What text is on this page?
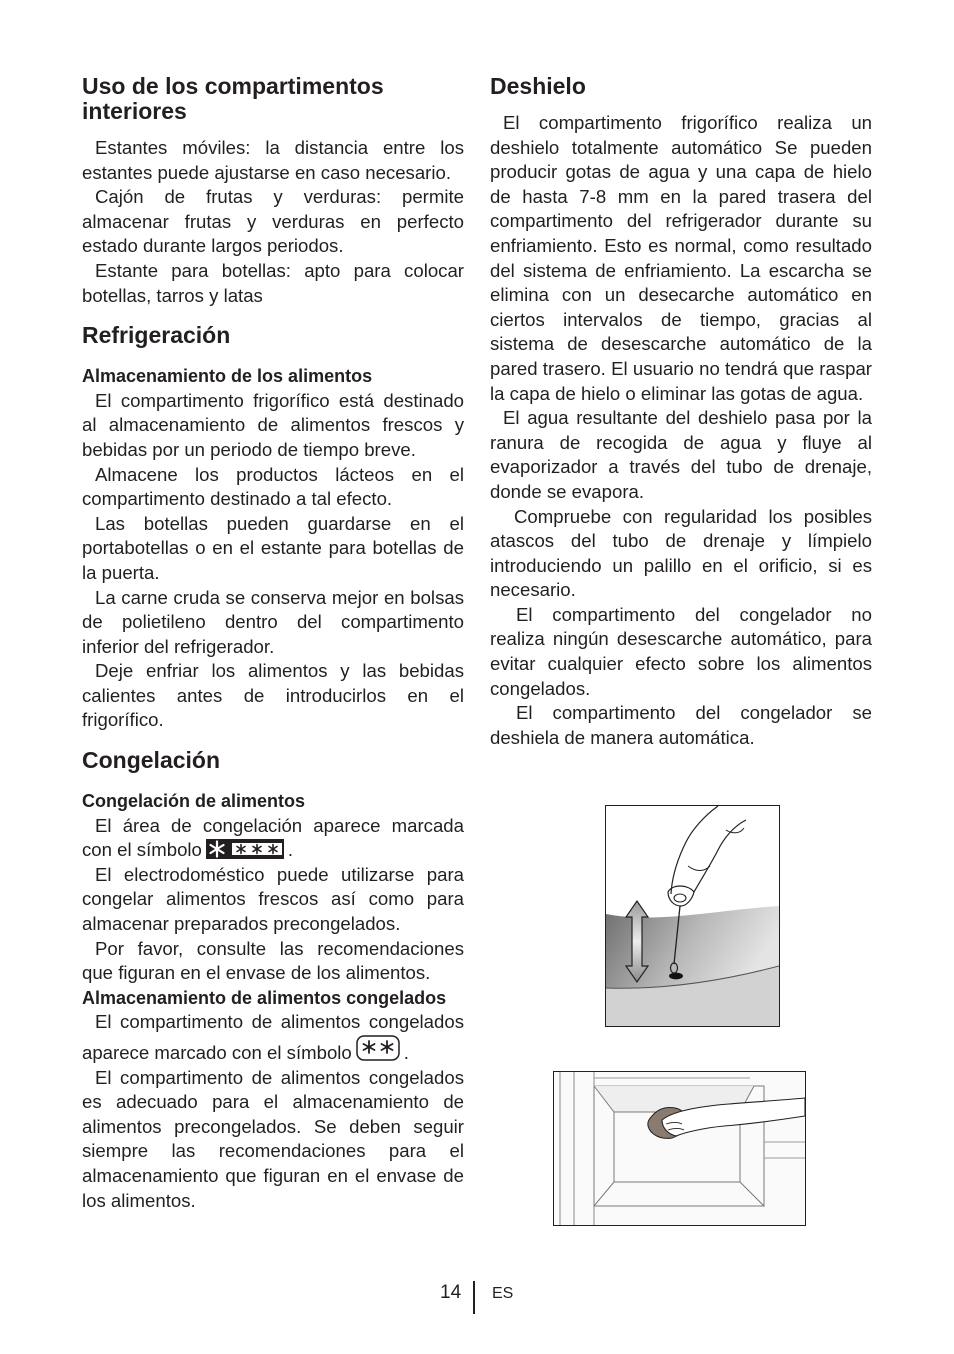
Uso de los compartimentos interiores

Estantes móviles: la distancia entre los estantes puede ajustarse en caso necesario.

Cajón de frutas y verduras: permite almacenar frutas y verduras en perfecto estado durante largos periodos.

Estante para botellas: apto para colocar botellas, tarros y latas

Refrigeración
Almacenamiento de los alimentos

El compartimento frigorífico está destinado al almacenamiento de alimentos frescos y bebidas por un periodo de tiempo breve.

Almacene los productos lácteos en el compartimento destinado a tal efecto.

Las botellas pueden guardarse en el portabotellas o en el estante para botellas de la puerta.

La carne cruda se conserva mejor en bolsas de polietileno dentro del compartimento inferior del refrigerador.

Deje enfriar los alimentos y las bebidas calientes antes de introducirlos en el frigorífico.

Congelación
Congelación de alimentos

El área de congelación aparece marcada con el símbolo	.

El electrodoméstico puede utilizarse para congelar alimentos frescos así como para almacenar preparados precongelados.

Por favor, consulte las recomendaciones que figuran en el envase de los alimentos.

Almacenamiento de alimentos congelados

El compartimento de alimentos congelados aparece marcado con el símbolo	.

El compartimento de alimentos congelados es adecuado para el almacenamiento de alimentos precongelados. Se deben seguir siempre las recomendaciones para el almacenamiento que figuran en el envase de los alimentos.

Deshielo

El compartimento frigorífico realiza un deshielo totalmente automático Se pueden producir gotas de agua y una capa de hielo de hasta 7-8 mm en la pared trasera del compartimento del refrigerador durante su enfriamiento. Esto es normal, como resultado del sistema de enfriamiento. La escarcha se elimina con un desecarche automático en ciertos intervalos de tiempo, gracias al sistema de desescarche automático de la pared trasero. El usuario no tendrá que raspar la capa de hielo o eliminar las gotas de agua.

El agua resultante del deshielo pasa por la ranura de recogida de agua y fluye al evaporizador a través del tubo de drenaje, donde se evapora.

Compruebe con regularidad los posibles atascos del tubo de drenaje y límpielo introduciendo un palillo en el orificio, si es necesario.

El compartimento del congelador no realiza ningún desescarche automático, para evitar cualquier efecto sobre los alimentos congelados.

El compartimento del congelador se deshiela de manera automática.

14 ES
